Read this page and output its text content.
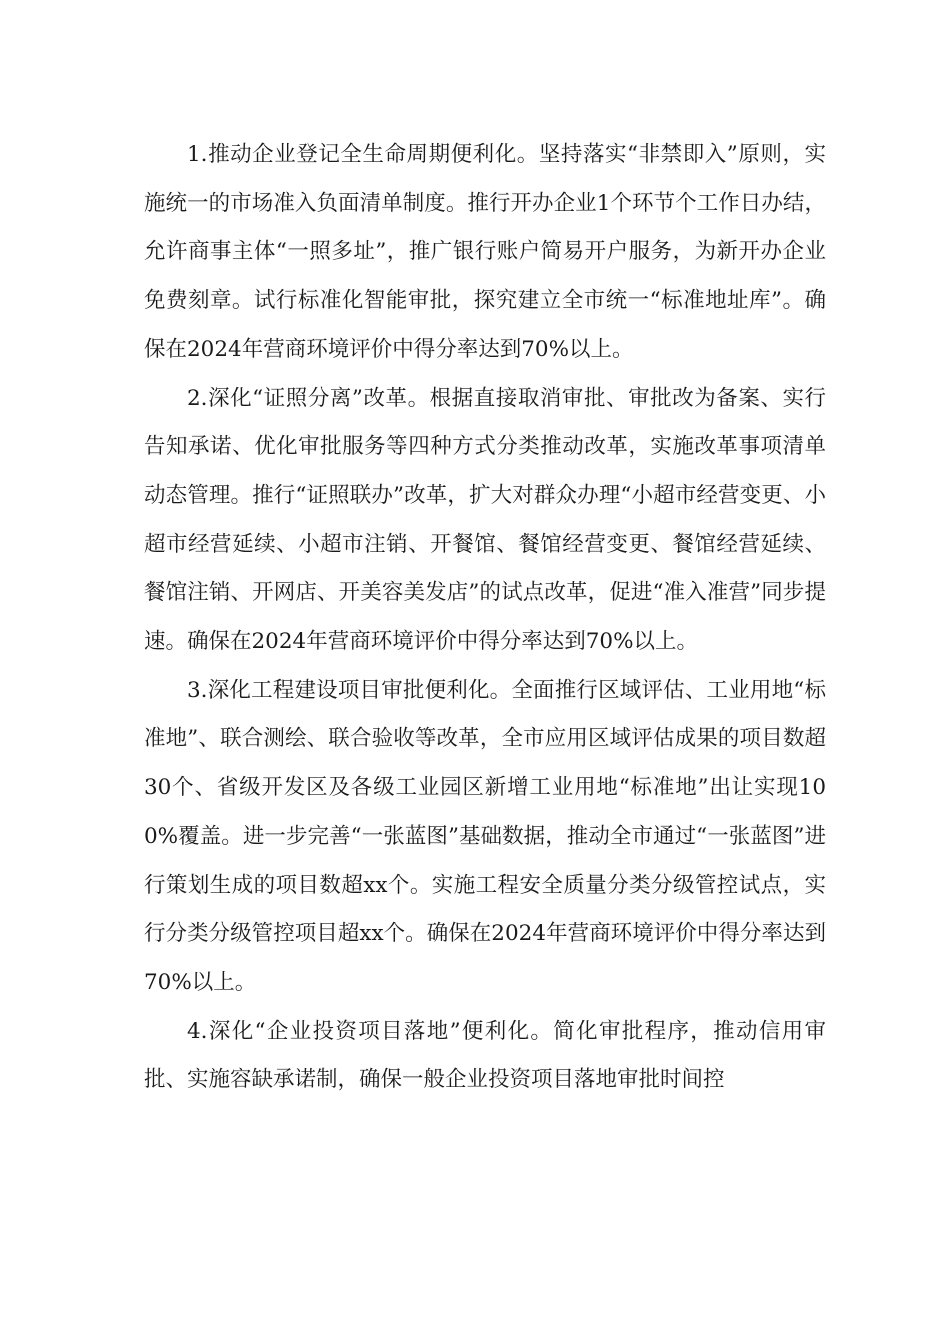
1.推动企业登记全生命周期便利化。坚持落实“非禁即入”原则，实施统一的市场准入负面清单制度。推行开办企业1个环节个工作日办结，允许商事主体“一照多址”，推广银行账户简易开户服务，为新开办企业免费刻章。试行标准化智能审批，探究建立全市统一“标准地址库”。确保在2024年营商环境评价中得分率达到70%以上。

2.深化“证照分离”改革。根据直接取消审批、审批改为备案、实行告知承诺、优化审批服务等四种方式分类推动改革，实施改革事项清单动态管理。推行“证照联办”改革，扩大对群众办理“小超市经营变更、小超市经营延续、小超市注销、开餐馆、餐馆经营变更、餐馆经营延续、餐馆注销、开网店、开美容美发店”的试点改革，促进“准入准营”同步提速。确保在2024年营商环境评价中得分率达到70%以上。

3.深化工程建设项目审批便利化。全面推行区域评估、工业用地“标准地”、联合测绘、联合验收等改革，全市应用区域评估成果的项目数超30个、省级开发区及各级工业园区新增工业用地“标准地”出让实现100%覆盖。进一步完善“一张蓝图”基础数据，推动全市通过“一张蓝图”进行策划生成的项目数超xx个。实施工程安全质量分类分级管控试点，实行分类分级管控项目超xx个。确保在2024年营商环境评价中得分率达到70%以上。

4.深化“企业投资项目落地”便利化。简化审批程序，推动信用审批、实施容缺承诺制，确保一般企业投资项目落地审批时间控
